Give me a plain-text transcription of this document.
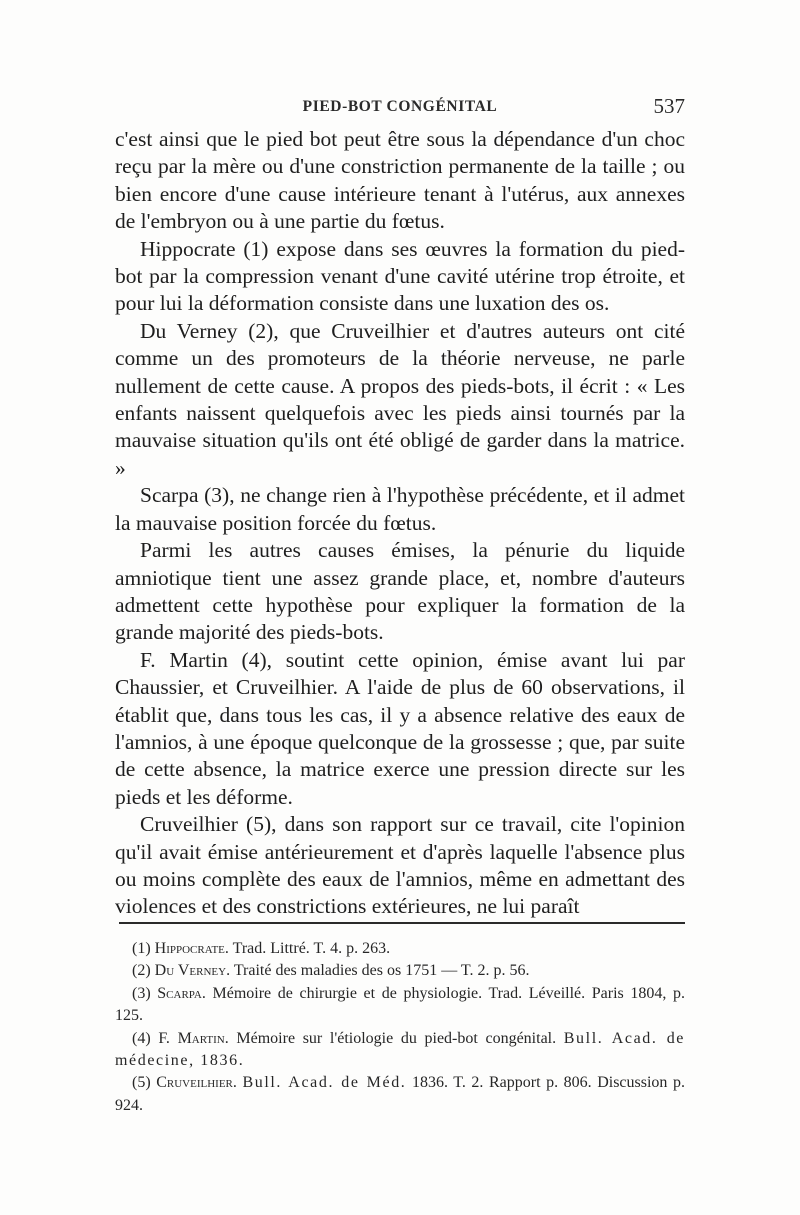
PIED-BOT CONGÉNITAL	537

c'est ainsi que le pied bot peut être sous la dépendance d'un choc reçu par la mère ou d'une constriction permanente de la taille ; ou bien encore d'une cause intérieure tenant à l'utérus, aux annexes de l'embryon ou à une partie du fœtus.

Hippocrate (1) expose dans ses œuvres la formation du pied-bot par la compression venant d'une cavité utérine trop étroite, et pour lui la déformation consiste dans une luxation des os.

Du Verney (2), que Cruveilhier et d'autres auteurs ont cité comme un des promoteurs de la théorie nerveuse, ne parle nullement de cette cause. A propos des pieds-bots, il écrit : « Les enfants naissent quelquefois avec les pieds ainsi tournés par la mauvaise situation qu'ils ont été obligé de garder dans la matrice. »

Scarpa (3), ne change rien à l'hypothèse précédente, et il admet la mauvaise position forcée du fœtus.

Parmi les autres causes émises, la pénurie du liquide amniotique tient une assez grande place, et, nombre d'auteurs admettent cette hypothèse pour expliquer la formation de la grande majorité des pieds-bots.

F. Martin (4), soutint cette opinion, émise avant lui par Chaussier, et Cruveilhier. A l'aide de plus de 60 observations, il établit que, dans tous les cas, il y a absence relative des eaux de l'amnios, à une époque quelconque de la grossesse ; que, par suite de cette absence, la matrice exerce une pression directe sur les pieds et les déforme.

Cruveilhier (5), dans son rapport sur ce travail, cite l'opinion qu'il avait émise antérieurement et d'après laquelle l'absence plus ou moins complète des eaux de l'amnios, même en admettant des violences et des constrictions extérieures, ne lui paraît

(1) Hippocrate. Trad. Littré. T. 4. p. 263.

(2) Du Verney. Traité des maladies des os 1751 — T. 2. p. 56.

(3) Scarpa. Mémoire de chirurgie et de physiologie. Trad. Léveillé. Paris 1804, p. 125.

(4) F. Martin. Mémoire sur l'étiologie du pied-bot congénital. Bull. Acad. de médecine, 1836.

(5) Cruveilhier. Bull. Acad. de Méd. 1836. T. 2. Rapport p. 806. Discussion p. 924.
